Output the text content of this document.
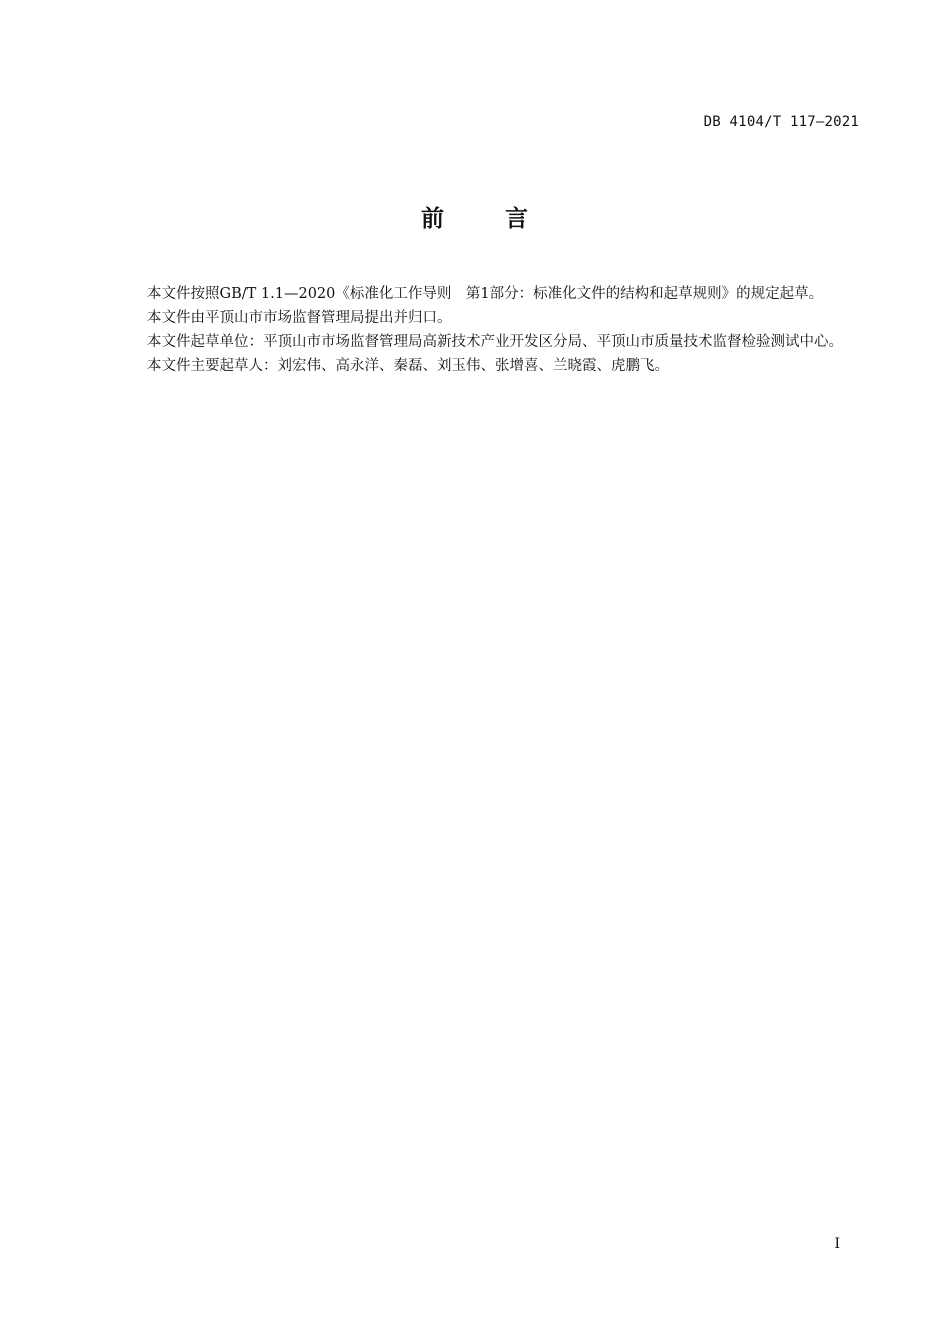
DB 4104/T 117—2021
前	言

本文件按照GB/T 1.1—2020《标准化工作导则　第1部分：标准化文件的结构和起草规则》的规定起草。

本文件由平顶山市市场监督管理局提出并归口。

本文件起草单位：平顶山市市场监督管理局高新技术产业开发区分局、平顶山市质量技术监督检验测试中心。

本文件主要起草人：刘宏伟、高永洋、秦磊、刘玉伟、张增喜、兰晓霞、虎鹏飞。

I
